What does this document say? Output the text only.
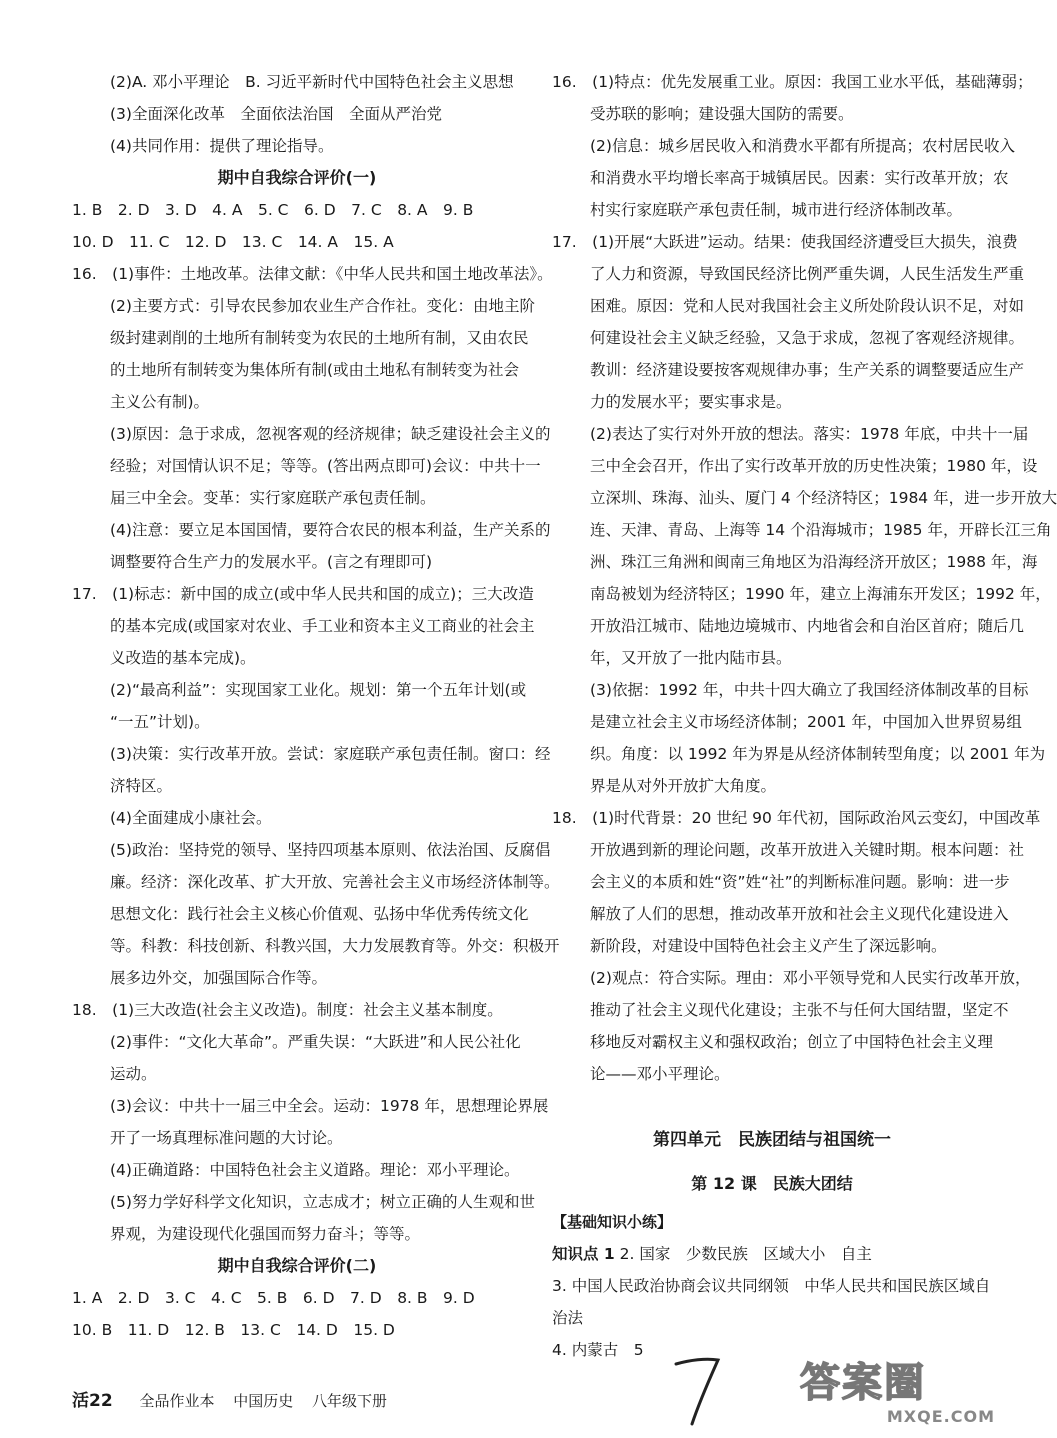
(2)A. 邓小平理论　B. 习近平新时代中国特色社会主义思想
(3)全面深化改革　全面依法治国　全面从严治党
(4)共同作用：提供了理论指导。
期中自我综合评价(一)
1. B　2. D　3. D　4. A　5. C　6. D　7. C　8. A　9. B
10. D　11. C　12. D　13. C　14. A　15. A
16.　(1)事件：土地改革。法律文献：《中华人民共和国土地改革法》。
(2)主要方式：引导农民参加农业生产合作社。变化：由地主阶
级封建剥削的土地所有制转变为农民的土地所有制，又由农民
的土地所有制转变为集体所有制(或由土地私有制转变为社会
主义公有制)。
(3)原因：急于求成，忽视客观的经济规律；缺乏建设社会主义的
经验；对国情认识不足；等等。(答出两点即可)会议：中共十一
届三中全会。变革：实行家庭联产承包责任制。
(4)注意：要立足本国国情，要符合农民的根本利益，生产关系的
调整要符合生产力的发展水平。(言之有理即可)
17.　(1)标志：新中国的成立(或中华人民共和国的成立)；三大改造
的基本完成(或国家对农业、手工业和资本主义工商业的社会主
义改造的基本完成)。
(2)“最高利益”：实现国家工业化。规划：第一个五年计划(或
“一五”计划)。
(3)决策：实行改革开放。尝试：家庭联产承包责任制。窗口：经
济特区。
(4)全面建成小康社会。
(5)政治：坚持党的领导、坚持四项基本原则、依法治国、反腐倡
廉。经济：深化改革、扩大开放、完善社会主义市场经济体制等。
思想文化：践行社会主义核心价值观、弘扬中华优秀传统文化
等。科教：科技创新、科教兴国，大力发展教育等。外交：积极开
展多边外交，加强国际合作等。
18.　(1)三大改造(社会主义改造)。制度：社会主义基本制度。
(2)事件：“文化大革命”。严重失误：“大跃进”和人民公社化
运动。
(3)会议：中共十一届三中全会。运动：1978 年，思想理论界展
开了一场真理标准问题的大讨论。
(4)正确道路：中国特色社会主义道路。理论：邓小平理论。
(5)努力学好科学文化知识，立志成才；树立正确的人生观和世
界观，为建设现代化强国而努力奋斗；等等。
期中自我综合评价(二)
1. A　2. D　3. C　4. C　5. B　6. D　7. D　8. B　9. D
10. B　11. D　12. B　13. C　14. D　15. D
16.　(1)特点：优先发展重工业。原因：我国工业水平低，基础薄弱；
受苏联的影响；建设强大国防的需要。
(2)信息：城乡居民收入和消费水平都有所提高；农村居民收入
和消费水平均增长率高于城镇居民。因素：实行改革开放；农
村实行家庭联产承包责任制，城市进行经济体制改革。
17.　(1)开展“大跃进”运动。结果：使我国经济遭受巨大损失，浪费
了人力和资源，导致国民经济比例严重失调，人民生活发生严重
困难。原因：党和人民对我国社会主义所处阶段认识不足，对如
何建设社会主义缺乏经验，又急于求成，忽视了客观经济规律。
教训：经济建设要按客观规律办事；生产关系的调整要适应生产
力的发展水平；要实事求是。
(2)表达了实行对外开放的想法。落实：1978 年底，中共十一届
三中全会召开，作出了实行改革开放的历史性决策；1980 年，设
立深圳、珠海、汕头、厦门 4 个经济特区；1984 年，进一步开放大
连、天津、青岛、上海等 14 个沿海城市；1985 年，开辟长江三角
洲、珠江三角洲和闽南三角地区为沿海经济开放区；1988 年，海
南岛被划为经济特区；1990 年，建立上海浦东开发区；1992 年，
开放沿江城市、陆地边境城市、内地省会和自治区首府；随后几
年，又开放了一批内陆市县。
(3)依据：1992 年，中共十四大确立了我国经济体制改革的目标
是建立社会主义市场经济体制；2001 年，中国加入世界贸易组
织。角度：以 1992 年为界是从经济体制转型角度；以 2001 年为
界是从对外开放扩大角度。
18.　(1)时代背景：20 世纪 90 年代初，国际政治风云变幻，中国改革
开放遇到新的理论问题，改革开放进入关键时期。根本问题：社
会主义的本质和姓“资”姓“社”的判断标准问题。影响：进一步
解放了人们的思想，推动改革开放和社会主义现代化建设进入
新阶段，对建设中国特色社会主义产生了深远影响。
(2)观点：符合实际。理由：邓小平领导党和人民实行改革开放，
推动了社会主义现代化建设；主张不与任何大国结盟，坚定不
移地反对霸权主义和强权政治；创立了中国特色社会主义理
论——邓小平理论。
第四单元　民族团结与祖国统一
第 12 课　民族大团结
【基础知识小练】
知识点 1 2. 国家　少数民族　区域大小　自主
3. 中国人民政治协商会议共同纲领　中华人民共和国民族区域自
治法
4. 内蒙古　5
活22 全品作业本 中国历史 八年级下册	答案圈
MXQE.COM
